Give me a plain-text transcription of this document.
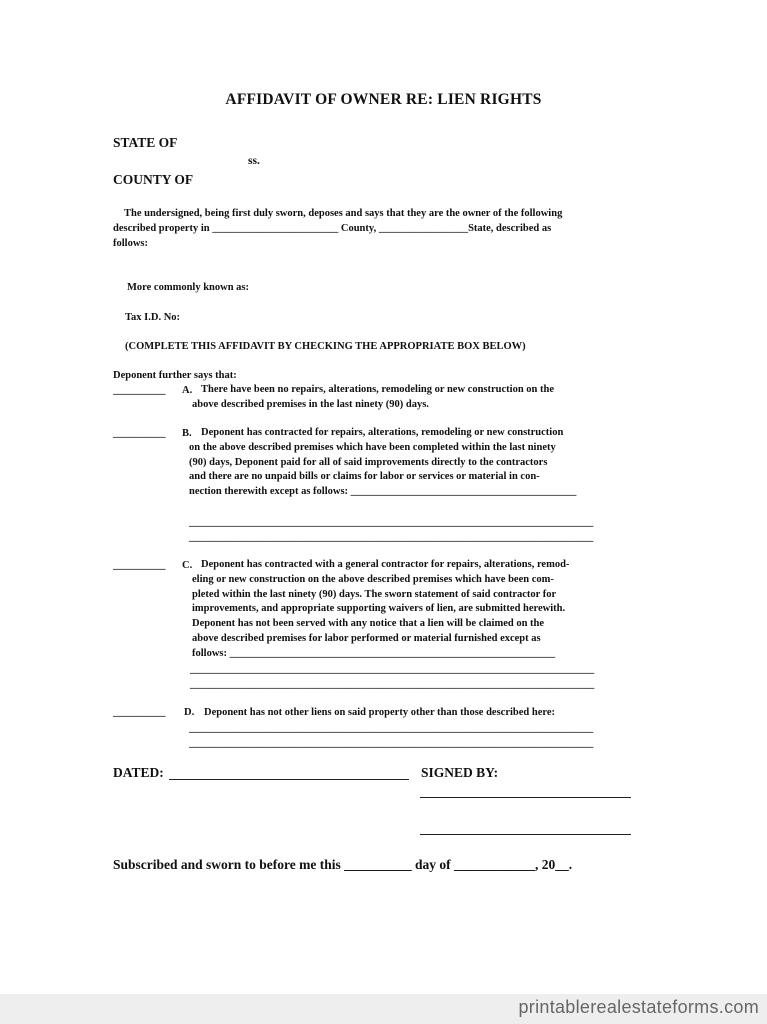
AFFIDAVIT OF OWNER RE: LIEN RIGHTS
STATE OF
ss.
COUNTY OF
The undersigned, being first duly sworn, deposes and says that they are the owner of the following
described property in ________________________ County, _________________State, described as
follows:
More commonly known as:
Tax I.D. No:
(COMPLETE THIS AFFIDAVIT BY CHECKING THE APPROPRIATE BOX BELOW)
Deponent further says that:
__________ A. There have been no repairs, alterations, remodeling or new construction on the
above described premises in the last ninety (90) days.
__________ B. Deponent has contracted for repairs, alterations, remodeling or new construction
on the above described premises which have been completed within the last ninety
(90) days, Deponent paid for all of said improvements directly to the contractors
and there are no unpaid bills or claims for labor or services or material in con-
nection therewith except as follows: ___________________________________________
_____________________________________________________________________________
_____________________________________________________________________________
__________ C. Deponent has contracted with a general contractor for repairs, alterations, remod-
eling or new construction on the above described premises which have been com-
pleted within the last ninety (90) days. The sworn statement of said contractor for
improvements, and appropriate supporting waivers of lien, are submitted herewith.
Deponent has not been served with any notice that a lien will be claimed on the
above described premises for labor performed or material furnished except as
follows: ______________________________________________________________
_____________________________________________________________________________
_____________________________________________________________________________
__________ D. Deponent has not other liens on said property other than those described here:
_____________________________________________________________________________
_____________________________________________________________________________
DATED:	SIGNED BY:
Subscribed and sworn to before me this __________ day of ____________, 20__.
printablerealestateforms.com
